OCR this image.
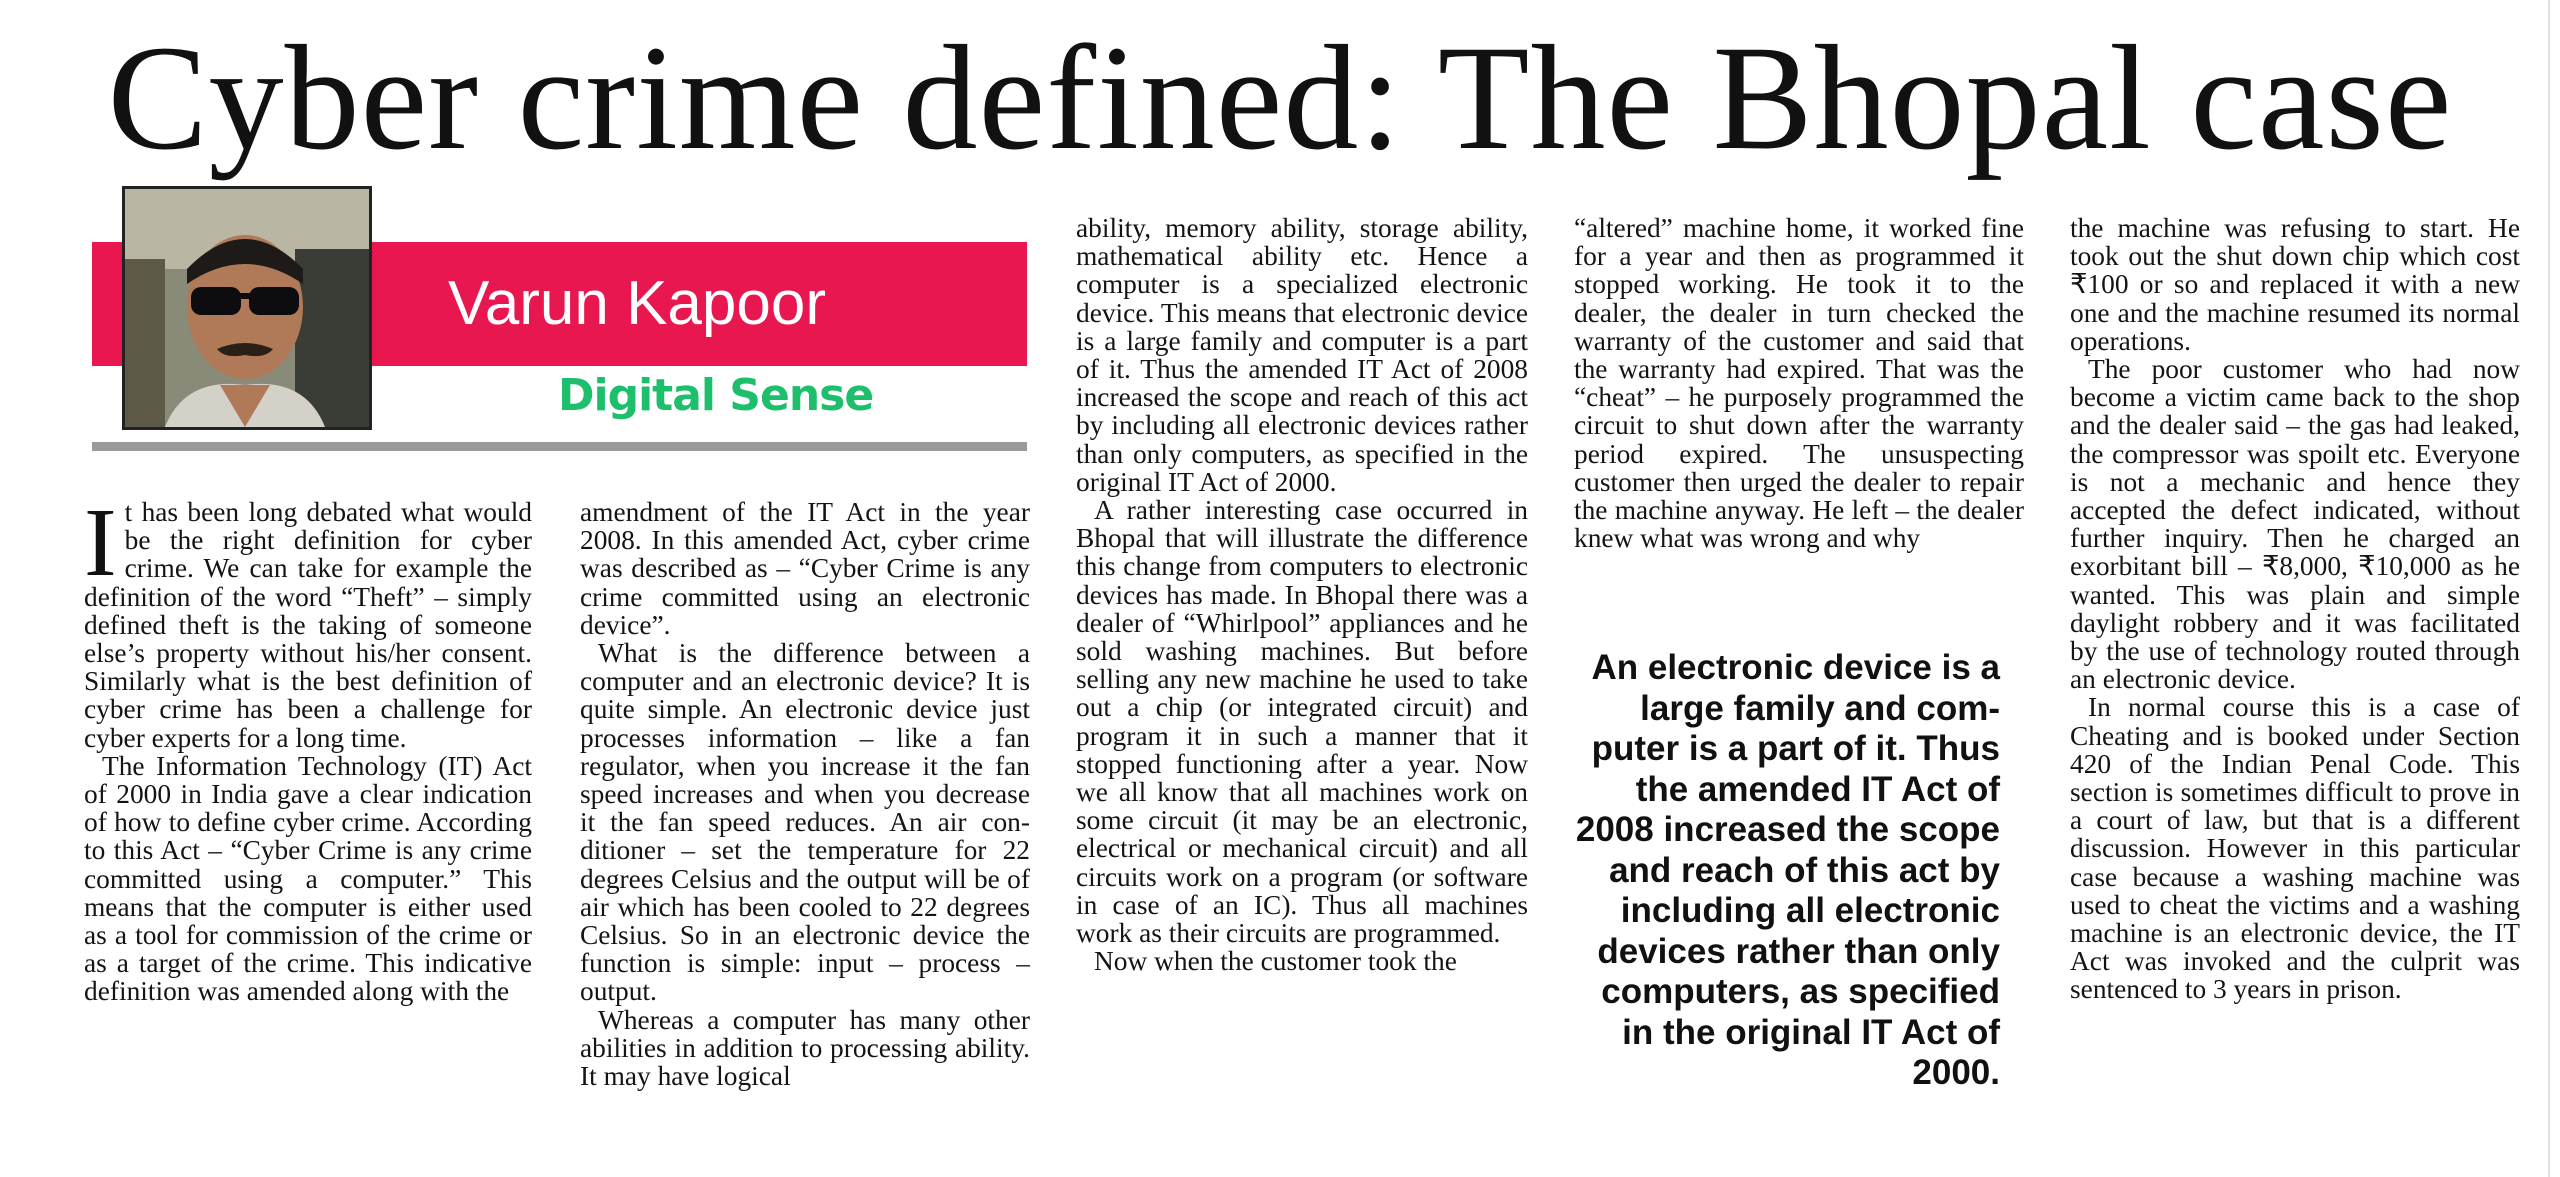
Cyber crime defined: The Bhopal case
Varun Kapoor
Digital Sense

It has been long debated what would be the right definition for cyber crime. We can take for example the definition of the word “Theft” – simply defined theft is the taking of someone else’s property without his/her consent. Similarly what is the best definition of cyber crime has been a challenge for cyber experts for a long time.

The Information Technology (IT) Act of 2000 in India gave a clear indication of how to define cyber crime. According to this Act – “Cyber Crime is any crime committed using a computer.” This means that the computer is either used as a tool for commission of the crime or as a target of the crime. This indicative definition was amended along with the

amendment of the IT Act in the year 2008. In this amended Act, cyber crime was described as – “Cyber Crime is any crime committed using an electronic device”.

What is the difference between a computer and an electronic device? It is quite simple. An electronic device just processes information – like a fan regulator, when you increase it the fan speed increases and when you decrease it the fan speed reduces. An air conditioner – set the temperature for 22 degrees Celsius and the output will be of air which has been cooled to 22 degrees Celsius. So in an electronic device the function is simple: input – process – output.

Whereas a computer has many other abilities in addition to processing ability. It may have logical

ability, memory ability, storage ability, mathematical ability etc. Hence a computer is a specialized electronic device. This means that electronic device is a large family and computer is a part of it. Thus the amended IT Act of 2008 increased the scope and reach of this act by including all electronic devices rather than only computers, as specified in the original IT Act of 2000.

A rather interesting case occurred in Bhopal that will illustrate the difference this change from computers to electronic devices has made. In Bhopal there was a dealer of “Whirlpool” appliances and he sold washing machines. But before selling any new machine he used to take out a chip (or integrated circuit) and program it in such a manner that it stopped functioning after a year. Now we all know that all machines work on some circuit (it may be an electronic, electrical or mechanical circuit) and all circuits work on a program (or software in case of an IC). Thus all machines work as their circuits are programmed.

Now when the customer took the

“altered” machine home, it worked fine for a year and then as programmed it stopped working. He took it to the dealer, the dealer in turn checked the warranty of the customer and said that the warranty had expired. That was the “cheat” – he purposely programmed the circuit to shut down after the warranty period expired. The unsuspecting customer then urged the dealer to repair the machine anyway. He left – the dealer knew what was wrong and why

An electronic device is a large family and computer is a part of it. Thus the amended IT Act of 2008 increased the scope and reach of this act by including all electronic devices rather than only computers, as specified in the original IT Act of 2000.

the machine was refusing to start. He took out the shut down chip which cost ₹100 or so and replaced it with a new one and the machine resumed its normal operations.

The poor customer who had now become a victim came back to the shop and the dealer said – the gas had leaked, the compressor was spoilt etc. Everyone is not a mechanic and hence they accepted the defect indicated, without further inquiry. Then he charged an exorbitant bill – ₹8,000, ₹10,000 as he wanted. This was plain and simple daylight robbery and it was facilitated by the use of technology routed through an electronic device.

In normal course this is a case of Cheating and is booked under Section 420 of the Indian Penal Code. This section is sometimes difficult to prove in a court of law, but that is a different discussion. However in this particular case because a washing machine was used to cheat the victims and a washing machine is an electronic device, the IT Act was invoked and the culprit was sentenced to 3 years in prison.
